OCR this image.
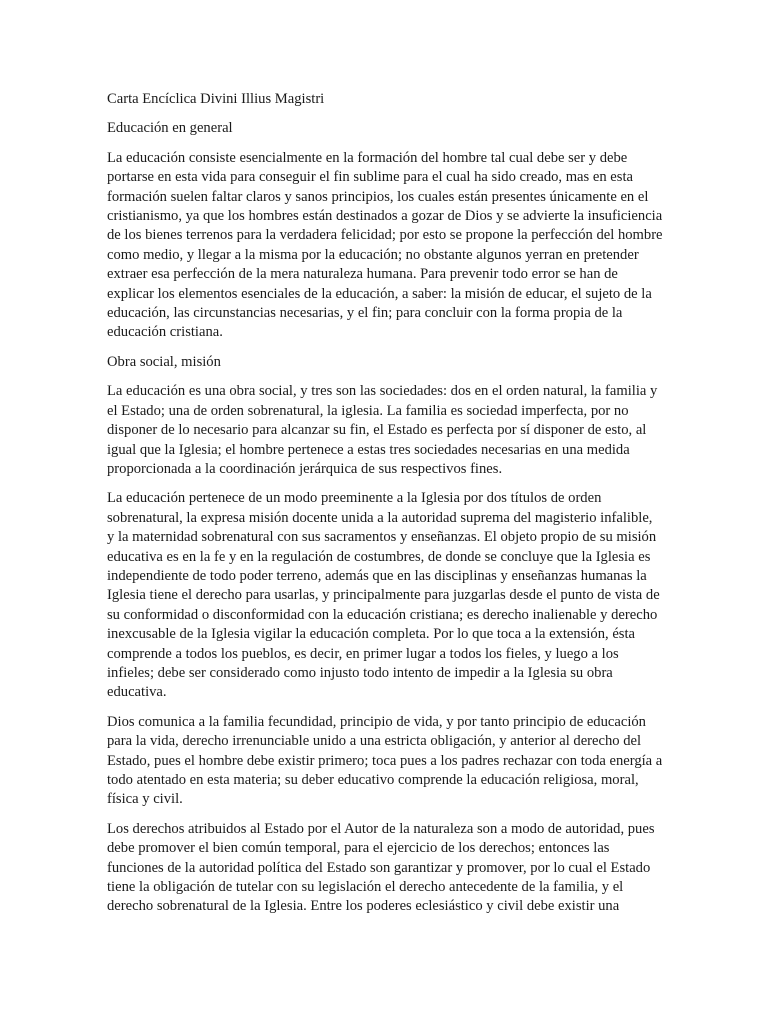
Carta Encíclica Divini Illius Magistri

Educación en general

La educación consiste esencialmente en la formación del hombre tal cual debe ser y debe portarse en esta vida para conseguir el fin sublime para el cual ha sido creado, mas en esta formación suelen faltar claros y sanos principios, los cuales están presentes únicamente en el cristianismo, ya que los hombres están destinados a gozar de Dios y se advierte la insuficiencia de los bienes terrenos para la verdadera felicidad; por esto se propone la perfección del hombre como medio, y llegar a la misma por la educación; no obstante algunos yerran en pretender extraer esa perfección de la mera naturaleza humana. Para prevenir todo error se han de explicar los elementos esenciales de la educación, a saber: la misión de educar, el sujeto de la educación, las circunstancias necesarias, y el fin; para concluir con la forma propia de la educación cristiana.

Obra social, misión

La educación es una obra social, y tres son las sociedades: dos en el orden natural, la familia y el Estado; una de orden sobrenatural, la iglesia. La familia es sociedad imperfecta, por no disponer de lo necesario para alcanzar su fin, el Estado es perfecta por sí disponer de esto, al igual que la Iglesia; el hombre pertenece a estas tres sociedades necesarias en una medida proporcionada a la coordinación jerárquica de sus respectivos fines.

La educación pertenece de un modo preeminente a la Iglesia por dos títulos de orden sobrenatural, la expresa misión docente unida a la autoridad suprema del magisterio infalible, y la maternidad sobrenatural con sus sacramentos y enseñanzas. El objeto propio de su misión educativa es en la fe y en la regulación de costumbres, de donde se concluye que la Iglesia es independiente de todo poder terreno, además que en las disciplinas y enseñanzas humanas la Iglesia tiene el derecho para usarlas, y principalmente para juzgarlas desde el punto de vista de su conformidad o disconformidad con la educación cristiana; es derecho inalienable y derecho inexcusable de la Iglesia vigilar la educación completa. Por lo que toca a la extensión, ésta comprende a todos los pueblos, es decir, en primer lugar a todos los fieles, y luego a los infieles; debe ser considerado como injusto todo intento de impedir a la Iglesia su obra educativa.

Dios comunica a la familia fecundidad, principio de vida, y por tanto principio de educación para la vida, derecho irrenunciable unido a una estricta obligación, y anterior al derecho del Estado, pues el hombre debe existir primero; toca pues a los padres rechazar con toda energía a todo atentado en esta materia; su deber educativo comprende la educación religiosa, moral, física y civil.

Los derechos atribuidos al Estado por el Autor de la naturaleza son a modo de autoridad, pues debe promover el bien común temporal, para el ejercicio de los derechos; entonces las funciones de la autoridad política del Estado son garantizar y promover, por lo cual el Estado tiene la obligación de tutelar con su legislación el derecho antecedente de la familia, y el derecho sobrenatural de la Iglesia. Entre los poderes eclesiástico y civil debe existir una
